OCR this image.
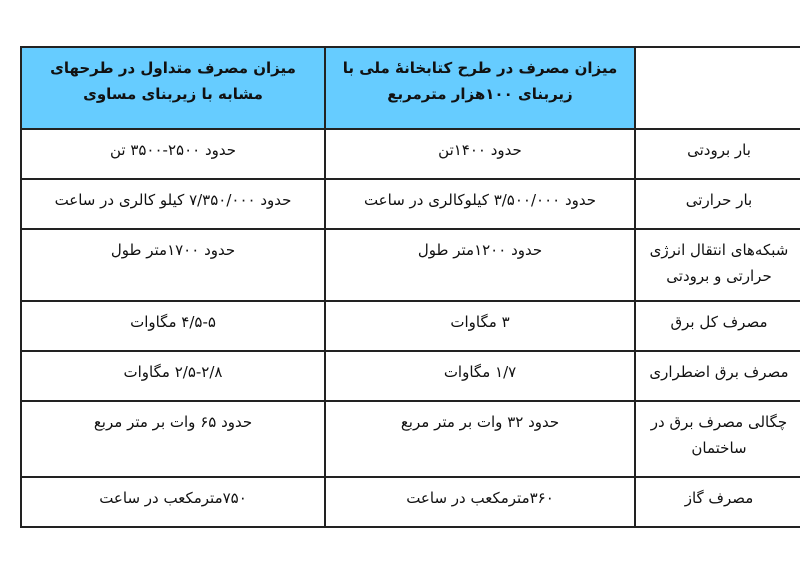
	میزان مصرف در طرح کتابخانهٔ ملی با زیربنای ۱۰۰هزار مترمربع	میزان مصرف متداول در طرحهای مشابه با زیربنای مساوی
بار برودتی	حدود ۱۴۰۰تن	حدود ۲۵۰۰-۳۵۰۰ تن
بار حرارتی	حدود ۳/۵۰۰/۰۰۰ کیلوکالری در ساعت	حدود ۷/۳۵۰/۰۰۰ کیلو کالری در ساعت
شبکه‌های انتقال انرژی حرارتی و برودتی	حدود ۱۲۰۰متر طول	حدود ۱۷۰۰متر طول
مصرف کل برق	۳ مگاوات	۴/۵-۵ مگاوات
مصرف برق اضطراری	۱/۷ مگاوات	۲/۵-۲/۸ مگاوات
چگالی مصرف برق در ساختمان	حدود ۳۲ وات بر متر مربع	حدود ۶۵ وات بر متر مربع
مصرف گاز	۳۶۰مترمکعب در ساعت	۷۵۰مترمکعب در ساعت
